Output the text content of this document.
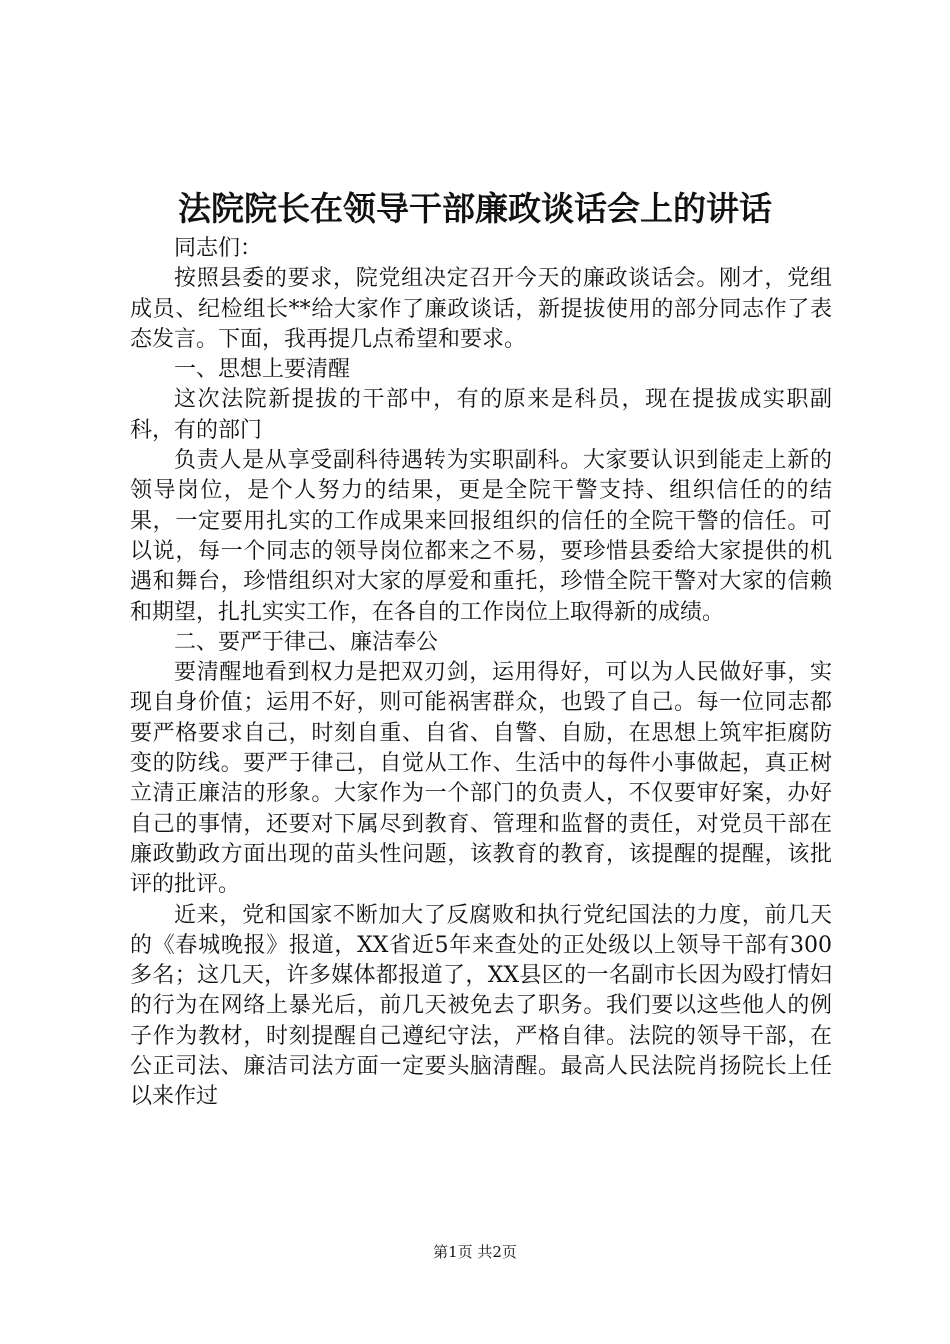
法院院长在领导干部廉政谈话会上的讲话

同志们：

按照县委的要求，院党组决定召开今天的廉政谈话会。刚才，党组成员、纪检组长**给大家作了廉政谈话，新提拔使用的部分同志作了表态发言。下面，我再提几点希望和要求。

一、思想上要清醒

这次法院新提拔的干部中，有的原来是科员，现在提拔成实职副科，有的部门

负责人是从享受副科待遇转为实职副科。大家要认识到能走上新的领导岗位，是个人努力的结果，更是全院干警支持、组织信任的的结果，一定要用扎实的工作成果来回报组织的信任的全院干警的信任。可以说，每一个同志的领导岗位都来之不易，要珍惜县委给大家提供的机遇和舞台，珍惜组织对大家的厚爱和重托，珍惜全院干警对大家的信赖和期望，扎扎实实工作，在各自的工作岗位上取得新的成绩。

二、要严于律己、廉洁奉公

要清醒地看到权力是把双刃剑，运用得好，可以为人民做好事，实现自身价值；运用不好，则可能祸害群众，也毁了自己。每一位同志都要严格要求自己，时刻自重、自省、自警、自励，在思想上筑牢拒腐防变的防线。要严于律己，自觉从工作、生活中的每件小事做起，真正树立清正廉洁的形象。大家作为一个部门的负责人，不仅要审好案，办好自己的事情，还要对下属尽到教育、管理和监督的责任，对党员干部在廉政勤政方面出现的苗头性问题，该教育的教育，该提醒的提醒，该批评的批评。

近来，党和国家不断加大了反腐败和执行党纪国法的力度，前几天的《春城晚报》报道，XX省近5年来查处的正处级以上领导干部有300多名；这几天，许多媒体都报道了，XX县区的一名副市长因为殴打情妇的行为在网络上暴光后，前几天被免去了职务。我们要以这些他人的例子作为教材，时刻提醒自己遵纪守法，严格自律。法院的领导干部，在公正司法、廉洁司法方面一定要头脑清醒。最高人民法院肖扬院长上任以来作过

第1页 共2页
